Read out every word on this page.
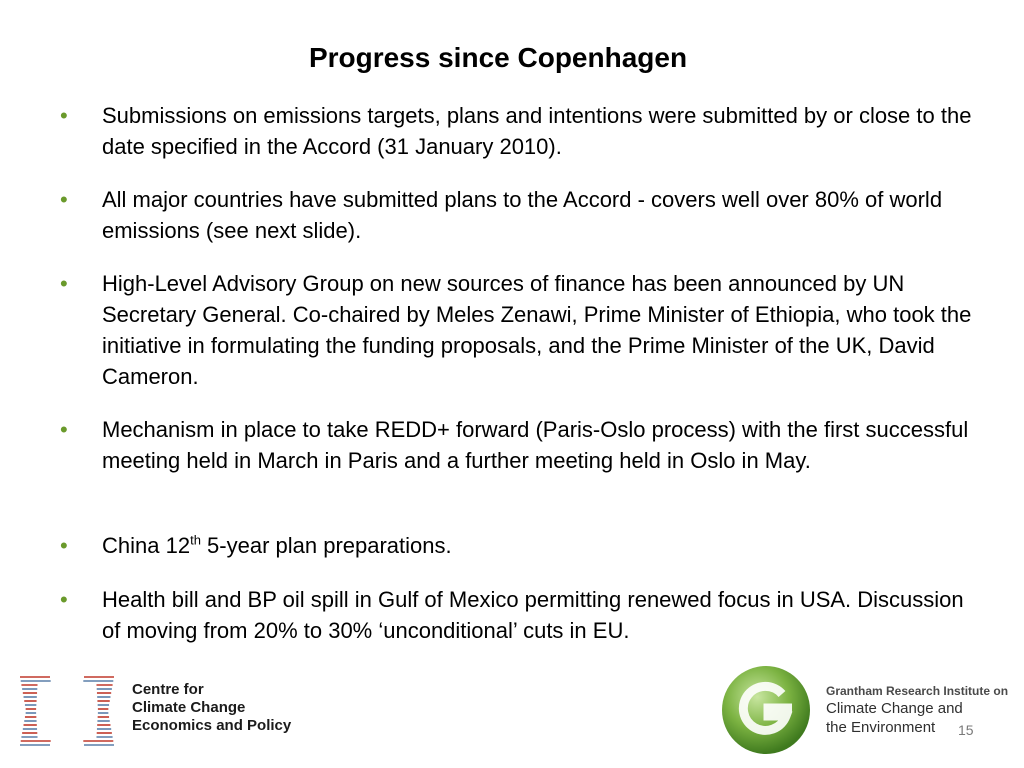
Progress since Copenhagen
• Submissions on emissions targets, plans and intentions were submitted by or close to the date specified in the Accord (31 January 2010).
• All major countries have submitted plans to the Accord - covers well over 80% of world emissions (see next slide).
• High-Level Advisory Group on new sources of finance has been announced by UN Secretary General. Co-chaired by Meles Zenawi, Prime Minister of Ethiopia, who took the initiative in formulating the funding proposals, and the Prime Minister of the UK, David Cameron.
• Mechanism in place to take REDD+ forward (Paris-Oslo process) with the first successful meeting held in March in Paris and a further meeting held in Oslo in May.
• China 12th 5-year plan preparations.
• Health bill and BP oil spill in Gulf of Mexico permitting renewed focus in USA. Discussion of moving from 20% to 30% ‘unconditional’ cuts in EU.
Centre for
Climate Change
Economics and Policy
Grantham Research Institute on
Climate Change and
the Environment	15
